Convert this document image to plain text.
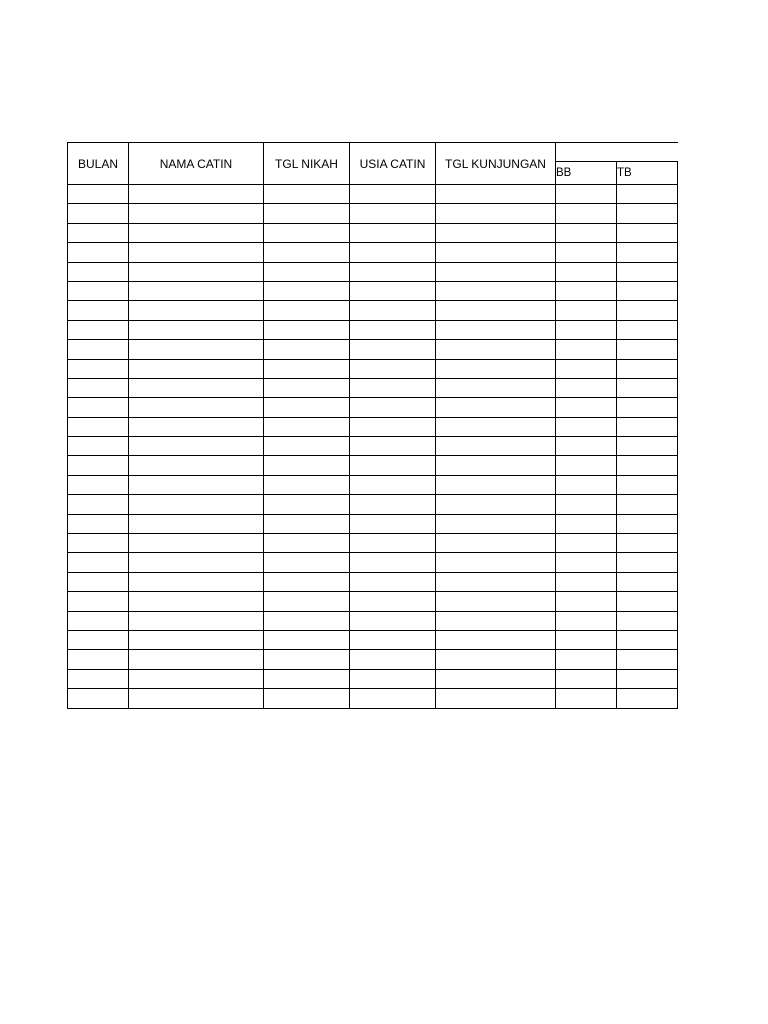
BULAN	NAMA CATIN	TGL NIKAH	USIA CATIN	TGL KUNJUNGAN		
					BB	TB
